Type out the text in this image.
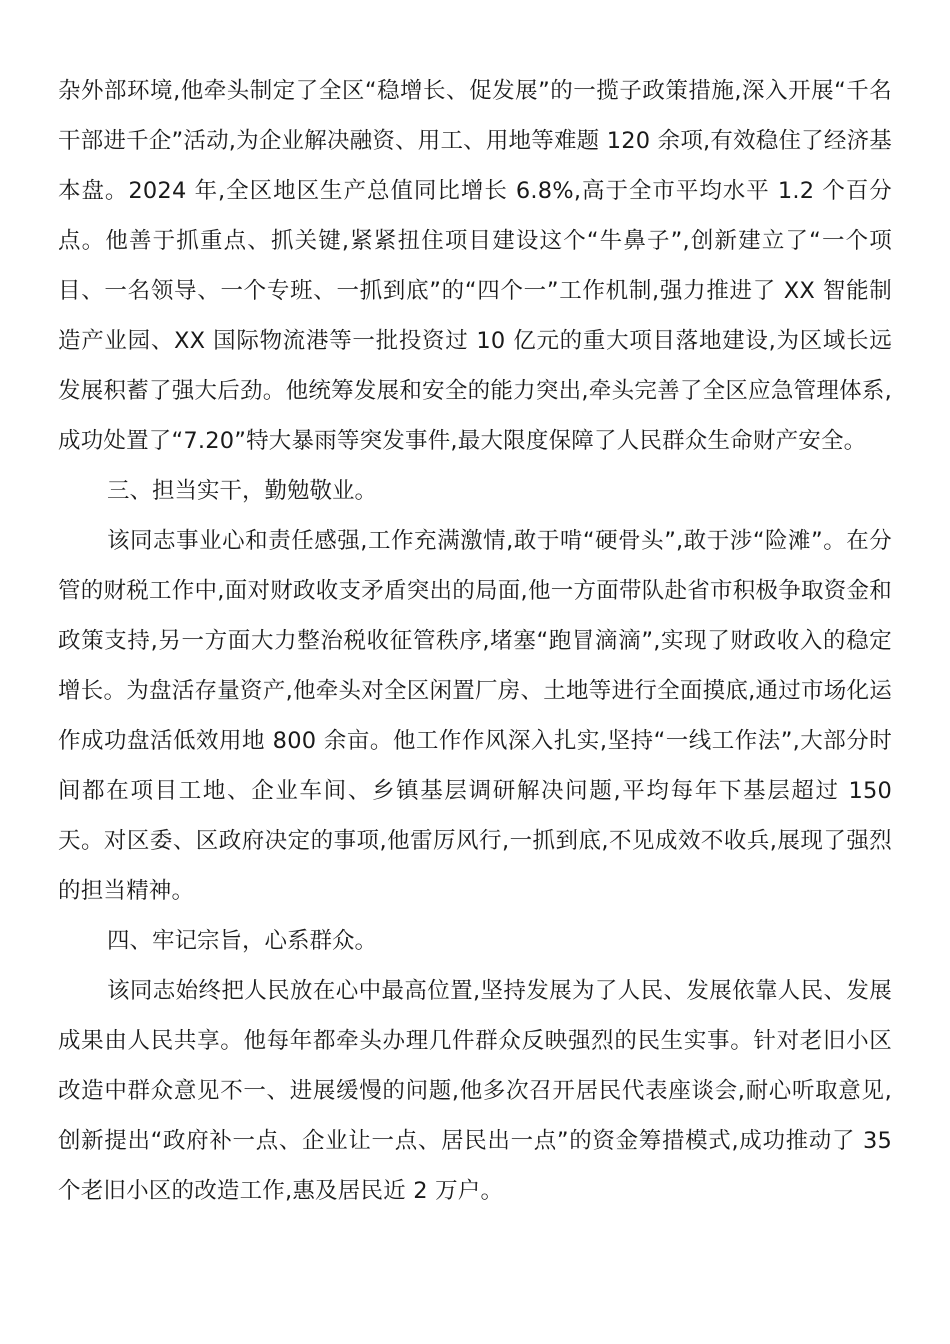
杂外部环境,他牵头制定了全区“稳增长、促发展”的一揽子政策措施,深入开展“千名干部进千企”活动,为企业解决融资、用工、用地等难题 120 余项,有效稳住了经济基本盘。2024 年,全区地区生产总值同比增长 6.8%,高于全市平均水平 1.2 个百分点。他善于抓重点、抓关键,紧紧扭住项目建设这个“牛鼻子”,创新建立了“一个项目、一名领导、一个专班、一抓到底”的“四个一”工作机制,强力推进了 XX 智能制造产业园、XX 国际物流港等一批投资过 10 亿元的重大项目落地建设,为区域长远发展积蓄了强大后劲。他统筹发展和安全的能力突出,牵头完善了全区应急管理体系,成功处置了“7.20”特大暴雨等突发事件,最大限度保障了人民群众生命财产安全。

三、担当实干，勤勉敬业。

该同志事业心和责任感强,工作充满激情,敢于啃“硬骨头”,敢于涉“险滩”。在分管的财税工作中,面对财政收支矛盾突出的局面,他一方面带队赴省市积极争取资金和政策支持,另一方面大力整治税收征管秩序,堵塞“跑冒滴滴”,实现了财政收入的稳定增长。为盘活存量资产,他牵头对全区闲置厂房、土地等进行全面摸底,通过市场化运作成功盘活低效用地 800 余亩。他工作作风深入扎实,坚持“一线工作法”,大部分时间都在项目工地、企业车间、乡镇基层调研解决问题,平均每年下基层超过 150 天。对区委、区政府决定的事项,他雷厉风行,一抓到底,不见成效不收兵,展现了强烈的担当精神。

四、牢记宗旨，心系群众。

该同志始终把人民放在心中最高位置,坚持发展为了人民、发展依靠人民、发展成果由人民共享。他每年都牵头办理几件群众反映强烈的民生实事。针对老旧小区改造中群众意见不一、进展缓慢的问题,他多次召开居民代表座谈会,耐心听取意见,创新提出“政府补一点、企业让一点、居民出一点”的资金筹措模式,成功推动了 35 个老旧小区的改造工作,惠及居民近 2 万户。
